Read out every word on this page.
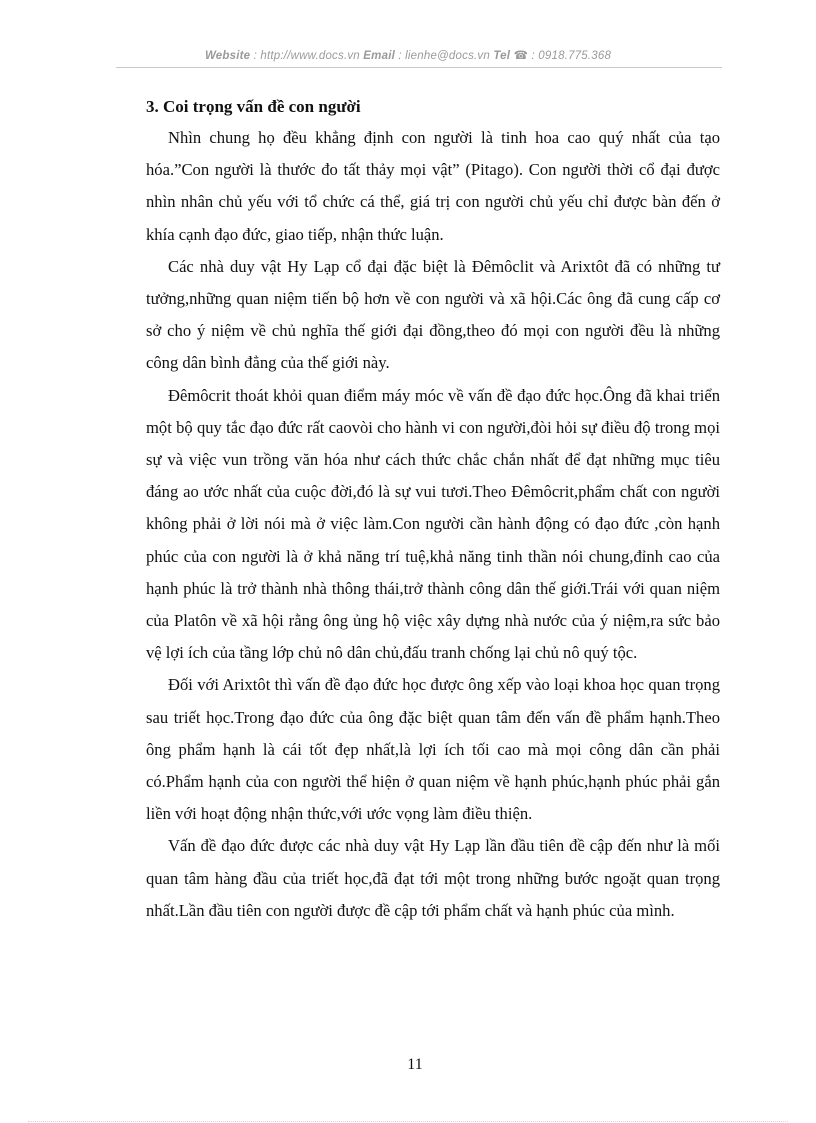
Website : http://www.docs.vn Email : lienhe@docs.vn Tel ☎ : 0918.775.368

3. Coi trọng vấn đề con người

Nhìn chung họ đều khẳng định con người là tinh hoa cao quý nhất của tạo hóa.”Con người là thước đo tất thảy mọi vật” (Pitago). Con người thời cổ đại được nhìn nhân chủ yếu với tổ chức cá thể, giá trị con người chủ yếu chỉ được bàn đến ở khía cạnh đạo đức, giao tiếp, nhận thức luận.

Các nhà duy vật Hy Lạp cổ đại đặc biệt là Đêmôclit và Arixtôt đã có những tư tưởng,những quan niệm tiến bộ hơn về con người và xã hội.Các ông đã cung cấp cơ sở cho ý niệm về chủ nghĩa thế giới đại đồng,theo đó mọi con người đều là những công dân bình đẳng của thế giới này.

Đêmôcrit thoát khỏi quan điểm máy móc về vấn đề đạo đức học.Ông đã khai triển một bộ quy tắc đạo đức rất caovòi cho hành vi con người,đòi hỏi sự điều độ trong mọi sự và việc vun trồng văn hóa như cách thức chắc chắn nhất để đạt những mục tiêu đáng ao ước nhất của cuộc đời,đó là sự vui tươi.Theo Đêmôcrit,phẩm chất con người không phải ở lời nói mà ở việc làm.Con người cần hành động có đạo đức ,còn hạnh phúc của con người là ở khả năng trí tuệ,khả năng tinh thần nói chung,đỉnh cao của hạnh phúc là trở thành nhà thông thái,trở thành công dân thế giới.Trái với quan niệm của Platôn về xã hội rằng ông ủng hộ việc xây dựng nhà nước của ý niệm,ra sức bảo vệ lợi ích của tầng lớp chủ nô dân chủ,đấu tranh chống lại chủ nô quý tộc.

Đối với Arixtôt thì vấn đề đạo đức học được ông xếp vào loại khoa học quan trọng sau triết học.Trong đạo đức của ông đặc biệt quan tâm đến vấn đề phẩm hạnh.Theo ông phẩm hạnh là cái tốt đẹp nhất,là lợi ích tối cao mà mọi công dân cần phải có.Phẩm hạnh của con người thể hiện ở quan niệm về hạnh phúc,hạnh phúc phải gắn liền với hoạt động nhận thức,với ước vọng làm điều thiện.

Vấn đề đạo đức được các nhà duy vật Hy Lạp lần đầu tiên đề cập đến như là mối quan tâm hàng đầu của triết học,đã đạt tới một trong những bước ngoặt quan trọng nhất.Lần đầu tiên con người được đề cập tới phẩm chất và hạnh phúc của mình.

11
